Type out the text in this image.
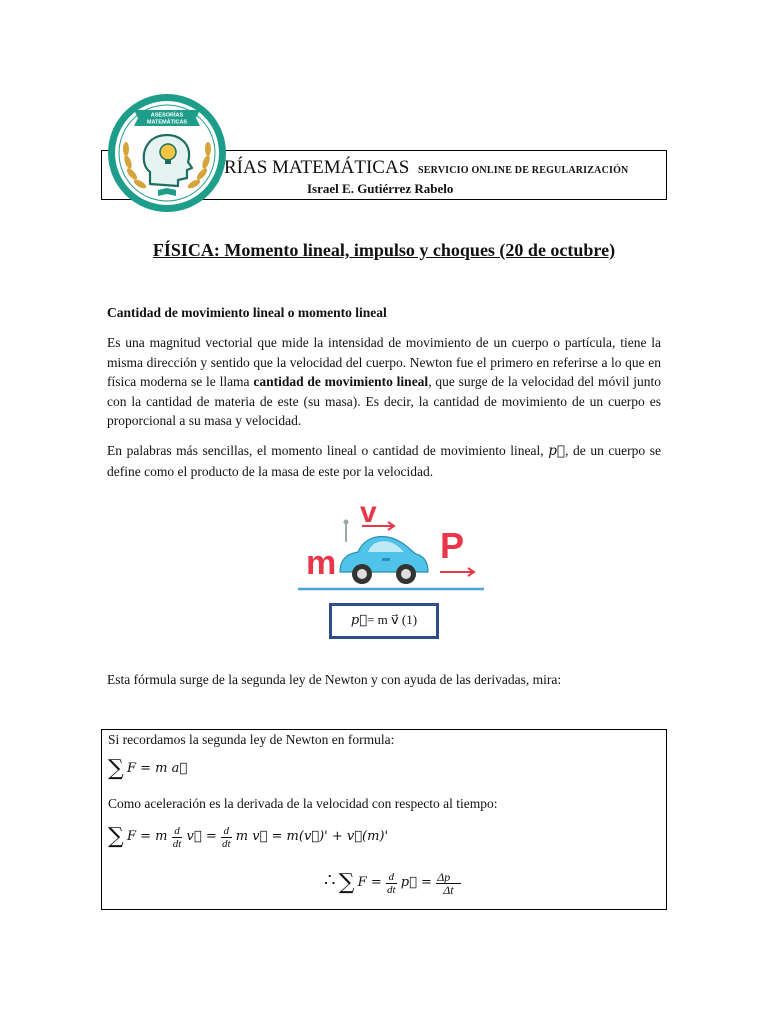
RÍAS MATEMÁTICAS SERVICIO ONLINE DE REGULARIZACIÓN
Israel E. Gutiérrez Rabelo
ASESORÍAS
MATEMÁTICAS
FÍSICA: Momento lineal, impulso y choques (20 de octubre)
Cantidad de movimiento lineal o momento lineal

Es una magnitud vectorial que mide la intensidad de movimiento de un cuerpo o partícula, tiene la misma dirección y sentido que la velocidad del cuerpo. Newton fue el primero en referirse a lo que en física moderna se le llama cantidad de movimiento lineal, que surge de la velocidad del móvil junto con la cantidad de materia de este (su masa). Es decir, la cantidad de movimiento de un cuerpo es proporcional a su masa y velocidad.

En palabras más sencillas, el momento lineal o cantidad de movimiento lineal, p⃗, de un cuerpo se define como el producto de la masa de este por la velocidad.

m
v
P
p⃗= m v⃗ (1)

Esta fórmula surge de la segunda ley de Newton y con ayuda de las derivadas, mira:

Si recordamos la segunda ley de Newton en formula:
∑ F = m a⃗
Como aceleración es la derivada de la velocidad con respecto al tiempo:
∑ F = m $\frac{d}{dt}$ v⃗ = $\frac{d}{dt}$ m v⃗ = m(v⃗)' + v⃗(m)'
∴ ∑ $F = \frac{d}{dt}$ p⃗ = $\frac{\Delta p⃗}{\Delta t}$
